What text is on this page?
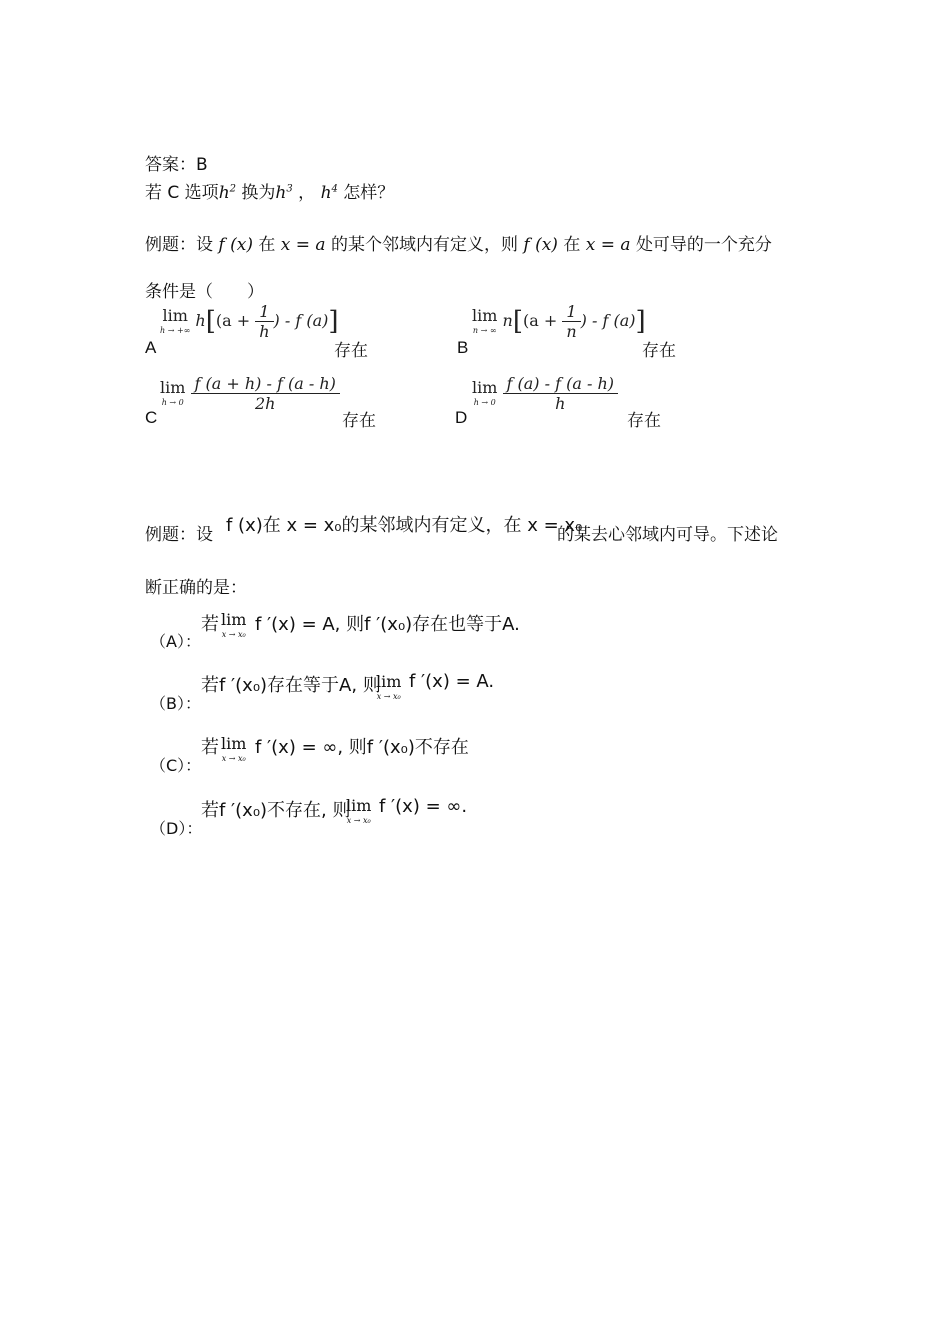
答案：B
若 C 选项$h^2$ 换为$h^3$ ， $h^4$ 怎样？
例题：设 f (x) 在 x = a 的某个邻域内有定义，则 f (x) 在 x = a 处可导的一个充分
条件是（　　）
A
lim
h → +∞
$h[(a + \frac{1}{h}$ ) - f (a)]
存在	B
lim
n → ∞
$n[(a + \frac{1}{n}$ ) - f (a)]
存在
C
lim
h → 0
$\frac{f (a + h) - f (a - h)}{2h}$
存在	D
lim
h → 0
$\frac{f (a) - f (a - h)}{h}$
存在
例题：设 f (x)在 x = x₀的某邻域内有定义，在 x = x₀
的某去心邻域内可导。下述论
断正确的是：
（A）：
若 lim
x → x₀ f ′(x) = A, 则f ′(x₀)存在也等于A.
（B）：
若f ′(x₀)存在等于A, 则
lim
x → x₀
f ′(x) = A.
（C）：
若 lim
x → x₀
f ′(x) = ∞, 则f ′(x₀)不存在
（D）：
若f ′(x₀)不存在, 则
lim
x → x₀
f ′(x) = ∞.
